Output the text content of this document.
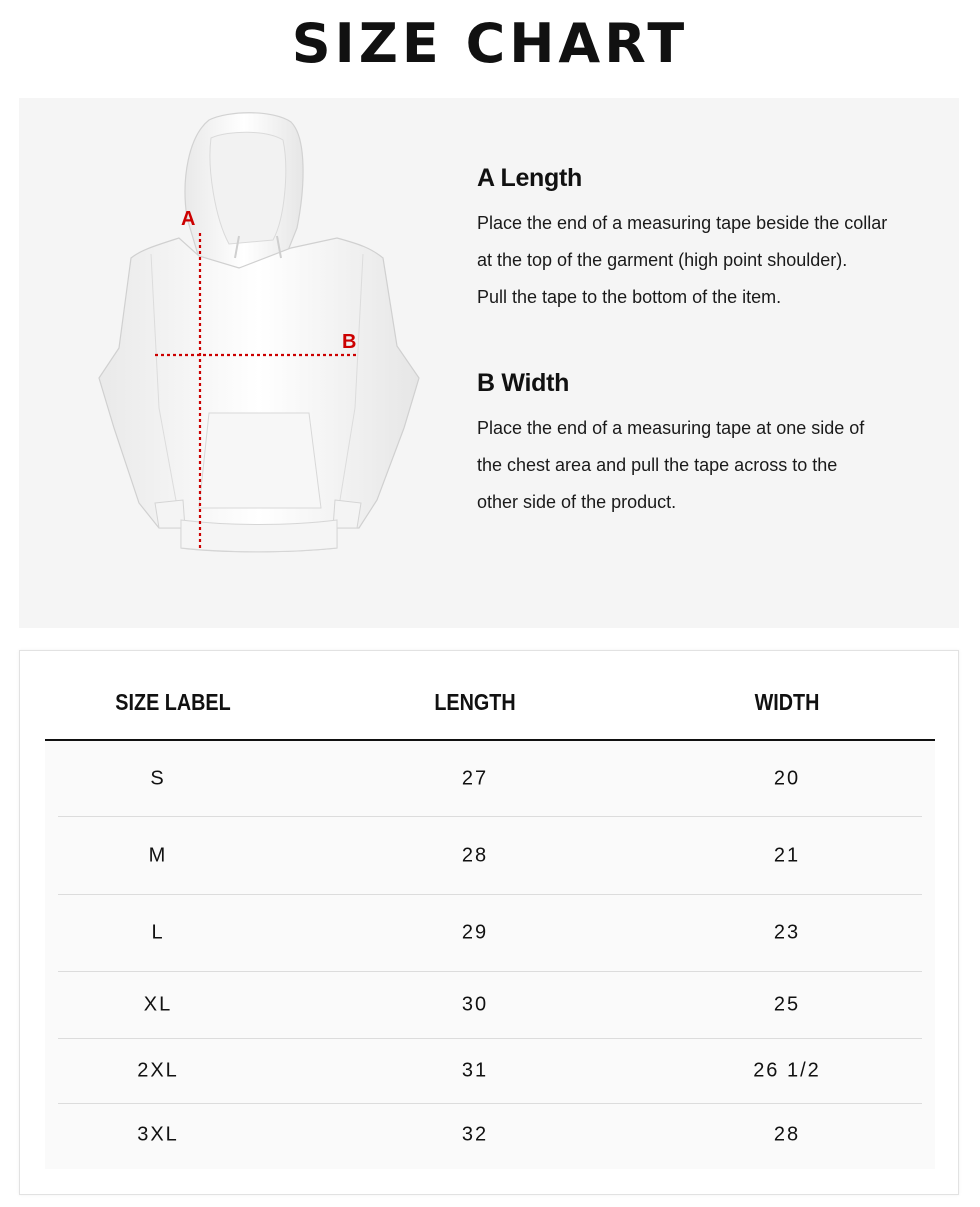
SIZE CHART
A
B
A Length

Place the end of a measuring tape beside the collar

at the top of the garment (high point shoulder).

Pull the tape to the bottom of the item.

B Width

Place the end of a measuring tape at one side of

the chest area and pull the tape across to the

other side of the product.

SIZE LABEL	LENGTH	WIDTH
S	27	20
M	28	21
L	29	23
XL	30	25
2XL	31	26 1/2
3XL	32	28
